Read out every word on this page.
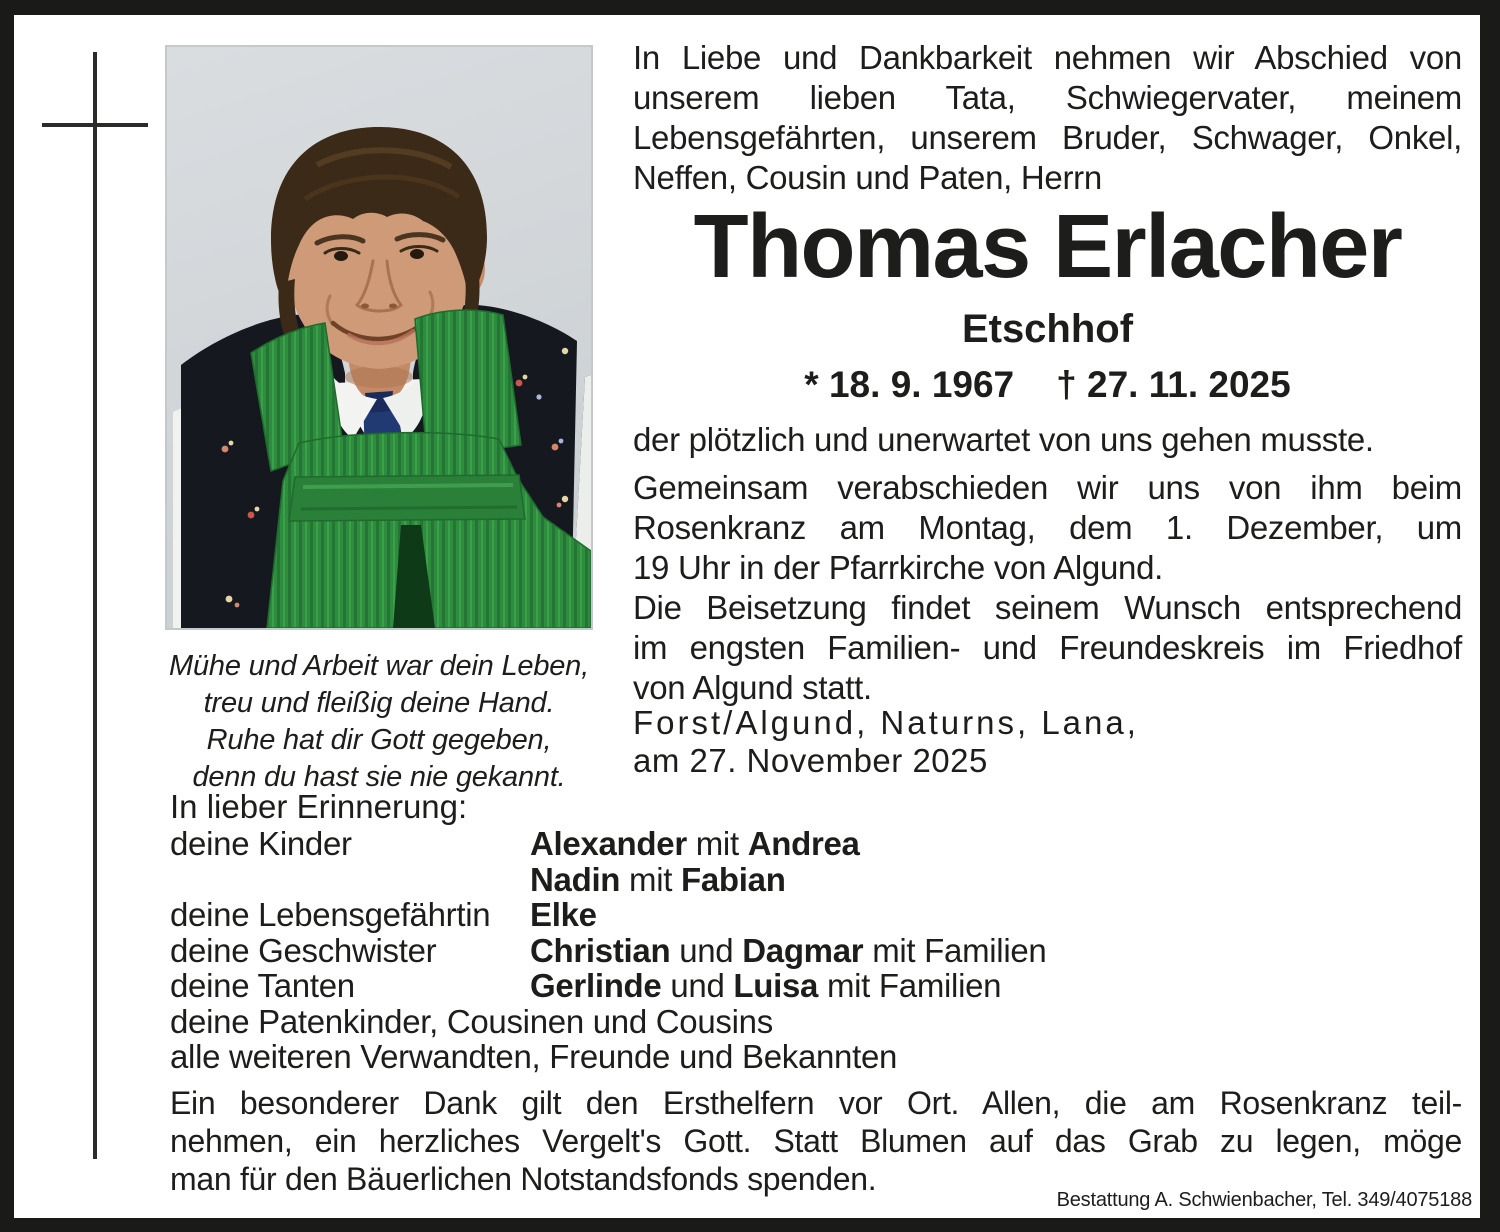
In Liebe und Dankbarkeit nehmen wir Abschied von
unserem lieben Tata, Schwiegervater, meinem
Lebensgefährten, unserem Bruder, Schwager, Onkel,
Neffen, Cousin und Paten, Herrn
Thomas Erlacher
Etschhof
* 18. 9. 1967 † 27. 11. 2025
der plötzlich und unerwartet von uns gehen musste.
Gemeinsam verabschieden wir uns von ihm beim
Rosenkranz am Montag, dem 1. Dezember, um
19 Uhr in der Pfarrkirche von Algund.
Die Beisetzung findet seinem Wunsch entsprechend
im engsten Familien- und Freundeskreis im Friedhof
von Algund statt.
Forst/Algund, Naturns, Lana,
am 27. November 2025
Mühe und Arbeit war dein Leben,
treu und fleißig deine Hand.
Ruhe hat dir Gott gegeben,
denn du hast sie nie gekannt.
In lieber Erinnerung:
deine Kinder	Alexander mit Andrea
Nadin mit Fabian
deine Lebensgefährtin	Elke
deine Geschwister	Christian und Dagmar mit Familien
deine Tanten	Gerlinde und Luisa mit Familien
deine Patenkinder, Cousinen und Cousins
alle weiteren Verwandten, Freunde und Bekannten
Ein besonderer Dank gilt den Ersthelfern vor Ort. Allen, die am Rosenkranz teil-
nehmen, ein herzliches Vergelt's Gott. Statt Blumen auf das Grab zu legen, möge
man für den Bäuerlichen Notstandsfonds spenden.
Bestattung A. Schwienbacher, Tel. 349/4075188
